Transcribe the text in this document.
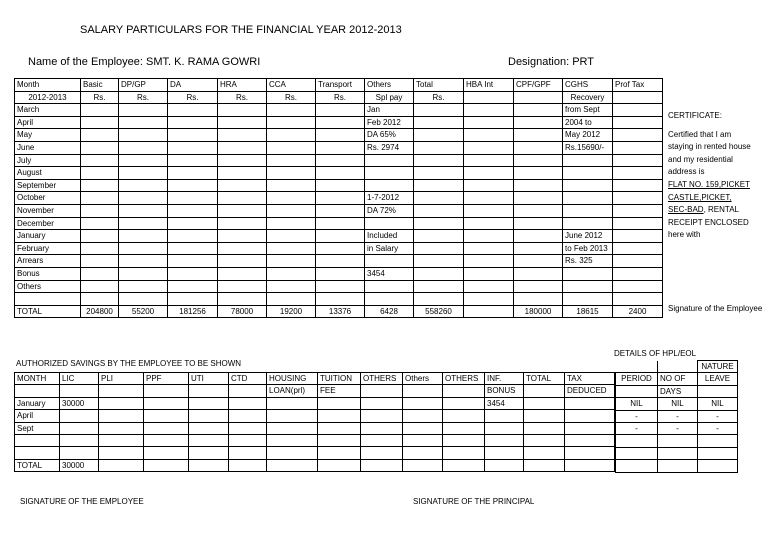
SALARY PARTICULARS FOR THE FINANCIAL YEAR 2012-2013
Name of the Employee: SMT. K. RAMA GOWRI	Designation: PRT
Month	Basic	DP/GP	DA	HRA	CCA	Transport	Others	Total	HBA Int	CPF/GPF	CGHS	Prof Tax
2012-2013	Rs.	Rs.	Rs.	Rs.	Rs.	Rs.	Spl pay	Rs.			Recovery	
March							Jan				from Sept	
April							Feb 2012				2004 to	
May							DA 65%				May 2012	
June							Rs. 2974				Rs.15690/-	
July												
August												
September												
October							1-7-2012					
November							DA 72%					
December												
January							Included				June 2012	
February							in Salary				to Feb 2013	
Arrears											Rs. 325	
Bonus							3454					
Others												

TOTAL	204800	55200	181256	78000	19200	13376	6428	558260		180000	18615	2400

CERTIFICATE:

Certified that I am

staying in rented house

and my residential

address is

FLAT NO. 159,PICKET

CASTLE,PICKET,

SEC-BAD, RENTAL

RECEIPT ENCLOSED

here with

Signature of the Employee
DETAILS OF HPL/EOL
AUTHORIZED SAVINGS BY THE EMPLOYEE TO BE SHOWN
MONTH	LIC	PLI	PPF	UTI	CTD	HOUSING	TUITION	OTHERS	Others	OTHERS	INF.	TOTAL	TAX
						LOAN(prl)	FEE				BONUS		DEDUCED
January	30000										3454		
April													
Sept													

TOTAL	30000												
		NATURE
PERIOD	NO OF	LEAVE
	DAYS	
NIL	NIL	NIL
-	-	-
-	-	-

SIGNATURE OF THE EMPLOYEE	SIGNATURE OF THE PRINCIPAL
